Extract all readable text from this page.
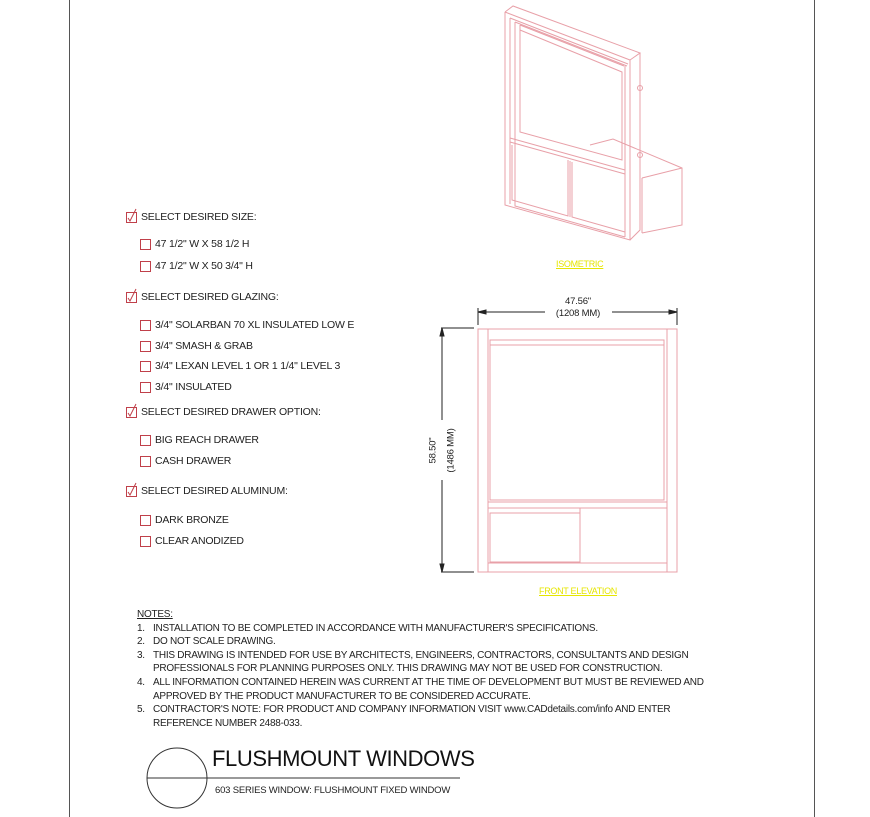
SELECT DESIRED SIZE:
47 1/2" W X 58 1/2 H
47 1/2" W X 50 3/4" H
SELECT DESIRED GLAZING:
3/4" SOLARBAN 70 XL INSULATED LOW E
3/4" SMASH & GRAB
3/4" LEXAN LEVEL 1 OR 1 1/4" LEVEL 3
3/4" INSULATED
SELECT DESIRED DRAWER OPTION:
BIG REACH DRAWER
CASH DRAWER
SELECT DESIRED ALUMINUM:
DARK BRONZE
CLEAR ANODIZED
ISOMETRIC
47.56"
(1208 MM)
58.50" (1486 MM)
FRONT ELEVATION
NOTES:
1. INSTALLATION TO BE COMPLETED IN ACCORDANCE WITH MANUFACTURER'S SPECIFICATIONS.
2. DO NOT SCALE DRAWING.
3. THIS DRAWING IS INTENDED FOR USE BY ARCHITECTS, ENGINEERS, CONTRACTORS, CONSULTANTS AND DESIGN
PROFESSIONALS FOR PLANNING PURPOSES ONLY. THIS DRAWING MAY NOT BE USED FOR CONSTRUCTION.
4. ALL INFORMATION CONTAINED HEREIN WAS CURRENT AT THE TIME OF DEVELOPMENT BUT MUST BE REVIEWED AND
APPROVED BY THE PRODUCT MANUFACTURER TO BE CONSIDERED ACCURATE.
5. CONTRACTOR'S NOTE: FOR PRODUCT AND COMPANY INFORMATION VISIT www.CADdetails.com/info AND ENTER
REFERENCE NUMBER 2488-033.
FLUSHMOUNT WINDOWS
603 SERIES WINDOW: FLUSHMOUNT FIXED WINDOW
